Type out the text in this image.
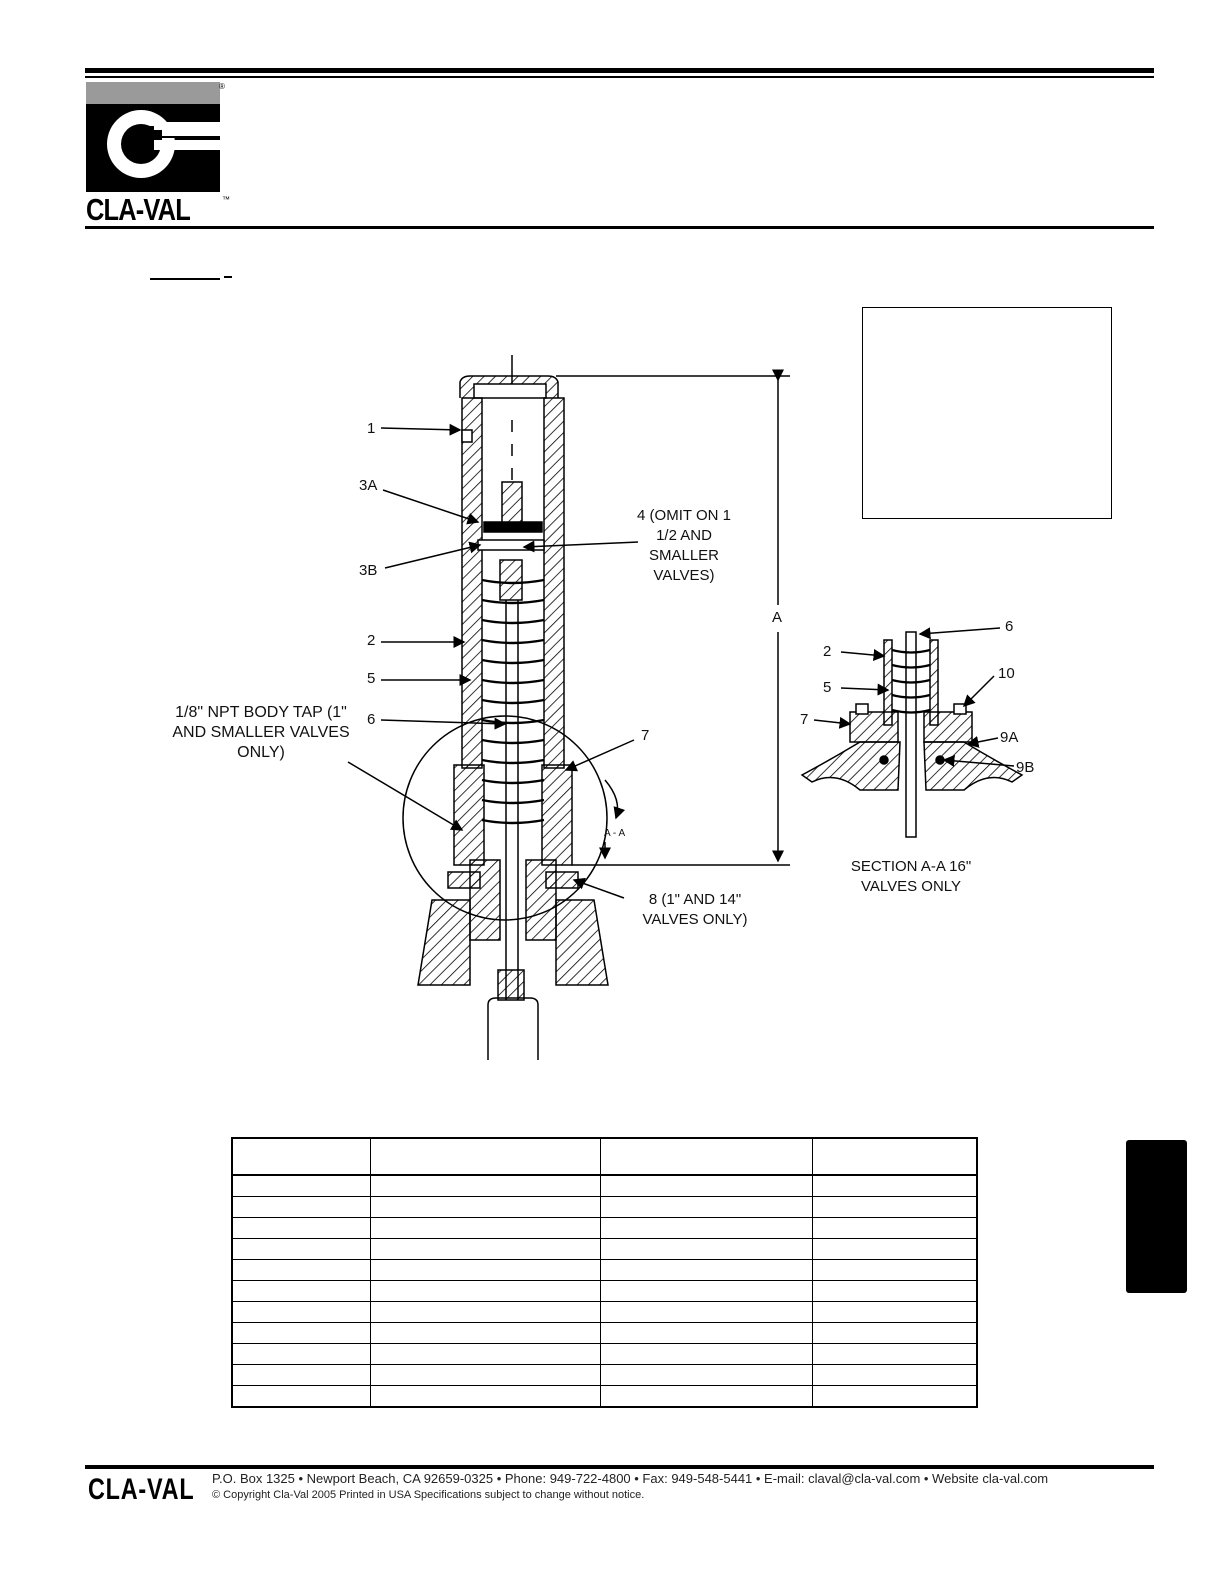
®
CLA-VAL	™
1
3A
3B
2
5
6
1/8" NPT BODY TAP (1" AND SMALLER VALVES ONLY)
4 (OMIT ON 1 1/2 AND SMALLER VALVES)
7
A - A
8 (1" AND 14" VALVES ONLY)
A
6
2
5
10
7
9A
9B
SECTION A-A 16" VALVES ONLY

CLA-VAL P.O. Box 1325 • Newport Beach, CA 92659-0325 • Phone: 949-722-4800 • Fax: 949-548-5441 • E-mail: claval@cla-val.com • Website cla-val.com
© Copyright Cla-Val 2005 Printed in USA Specifications subject to change without notice.
